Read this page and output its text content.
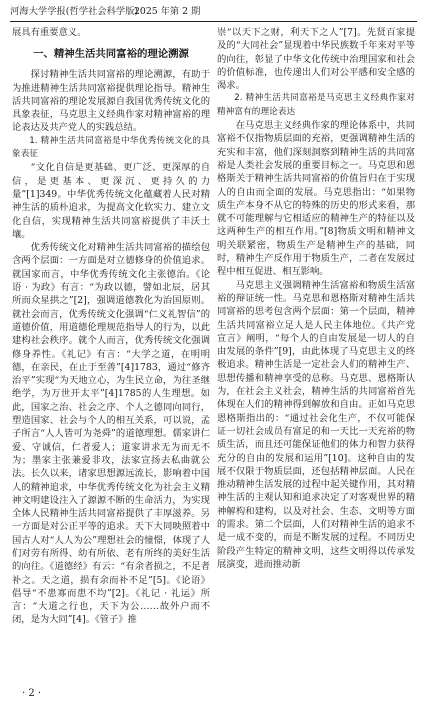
河海大学学报(哲学社会科学版)
2025 年第 2 期

展具有重要意义。

一、精神生活共同富裕的理论溯源

探讨精神生活共同富裕的理论溯源，有助于为推进精神生活共同富裕提供理论指导。精神生活共同富裕的理论发展源自我国优秀传统文化的具象表征，马克思主义经典作家对精神富裕的理论表达及共产党人的实践总结。

1. 精神生活共同富裕是中华优秀传统文化的具象表征

“文化自信是更基础、更广泛、更深厚的自信，是更基本、更深沉、更持久的力量”[1]349。中华优秀传统文化蕴藏着人民对精神生活的质朴追求，为提高文化软实力、建立文化自信，实现精神生活共同富裕提供了丰沃土壤。

优秀传统文化对精神生活共同富裕的描绘包含两个层面：一方面是对立德修身的价值追求。就国家而言，中华优秀传统文化主张德治。《论语 · 为政》有言：“为政以德，譬如北辰，居其所而众星拱之”[2]，强调道德教化为治国原则。就社会而言，优秀传统文化强调“仁义礼智信”的道德价值，用道德伦理规范指导人的行为，以此建构社会秩序。就个人而言，优秀传统文化强调修身养性。《礼记》有言：“大学之道，在明明德，在亲民，在止于至善”[4]1783，通过“修齐治平”实现“为天地立心，为生民立命，为往圣继绝学，为万世开太平”[4]1785的人生理想。如此，国家之治、社会之序、个人之德同向同行，塑造国家、社会与个人的相互关系，可以说，孟子所言“人人皆可为尧舜”的道德理想。儒家讲仁爱、守诚信，仁者爱人；道家讲求无为而无不为；墨家主张兼爱非攻，法家宣扬去私曲就公法。长久以来，诸家思想源远流长，影响着中国人的精神追求，中华优秀传统文化为社会主义精神文明建设注入了源源不断的生命活力，为实现全体人民精神生活共同富裕提供了丰厚滋养。另一方面是对公正平等的追求。天下大同映照着中国古人对“人人为公”理想社会的憧憬，体现了人们对劳有所得、幼有所依、老有所终的美好生活的向往。《道德经》有云：“有余者损之，不足者补之。天之道，损有余而补不足”[5]。《论语》倡导“不患寡而患不均”[2]。《礼记 · 礼运》所言：“大道之行也，天下为公……故外户而不闭，是为大同”[4]。《管子》推

崇“以天下之财，利天下之人”[7]。先贤百家提及的“大同社会”显现着中华民族数千年来对平等的向往，彰显了中华文化传统中治理国家和社会的价值标准，也传递出人们对公平感和安全感的渴求。

2. 精神生活共同富裕是马克思主义经典作家对精神富有的理论表达

在马克思主义经典作家的理论体系中，共同富裕不仅指物质层面的充裕，更强调精神生活的充实和丰富，他们深刻洞察到精神生活的共同富裕是人类社会发展的重要目标之一。马克思和恩格斯关于精神生活共同富裕的价值旨归在于实现人的自由而全面的发展。马克思指出：“如果物质生产本身不从它的特殊的历史的形式来看，那就不可能理解与它相适应的精神生产的特征以及这两种生产的相互作用。”[8]物质文明和精神文明关联紧密，物质生产是精神生产的基础，同时，精神生产反作用于物质生产，二者在发展过程中相互促进、相互影响。

马克思主义强调精神生活富裕和物质生活富裕的辩证统一性。马克思和恩格斯对精神生活共同富裕的思考包含两个层面：第一个层面，精神生活共同富裕立足人是人民主体地位。《共产党宣言》阐明，“每个人的自由发展是一切人的自由发展的条件”[9]，由此体现了马克思主义的终极追求。精神生活是一定社会人们的精神生产、思想传播和精神享受的总称。马克思、恩格斯认为，在社会主义社会，精神生活的共同富裕首先体现在人们的精神得到解放和自由。正如马克思恩格斯指出的：“通过社会化生产，不仅可能保证一切社会成员有富足的和一天比一天充裕的物质生活，而且还可能保证他们的体力和智力获得充分的自由的发展和运用”[10]。这种自由的发展不仅限于物质层面，还包括精神层面。人民在推动精神生活发展的过程中起关键作用，其对精神生活的主观认知和追求决定了对客观世界的精神解构和建构，以及对社会、生态、文明等方面的需求。第二个层面，人们对精神生活的追求不是一成不变的，而是不断发展的过程。不同历史阶段产生特定的精神文明，这些文明得以传承发展演变，进而推动新

· 2 ·
